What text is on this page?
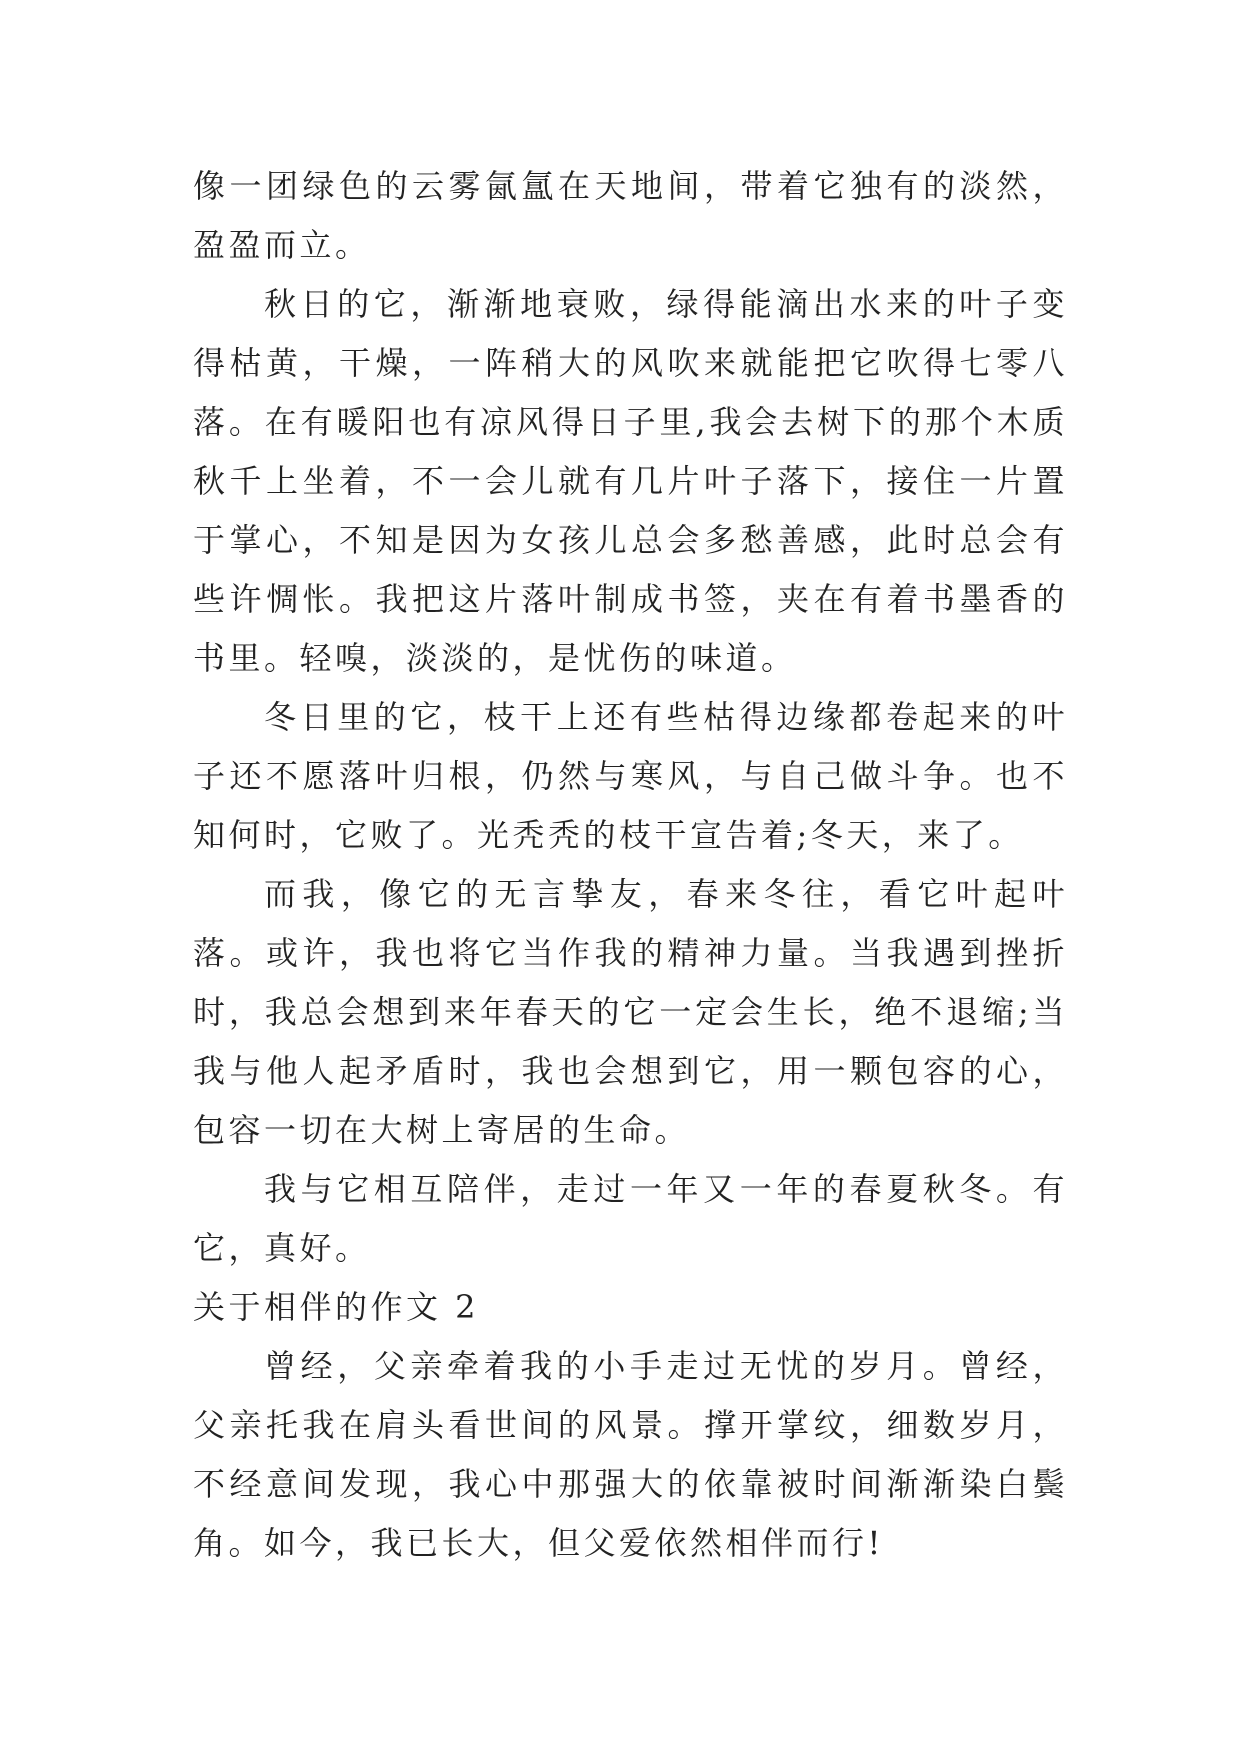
像一团绿色的云雾氤氲在天地间，带着它独有的淡然，盈盈而立。

秋日的它，渐渐地衰败，绿得能滴出水来的叶子变得枯黄，干燥，一阵稍大的风吹来就能把它吹得七零八落。在有暖阳也有凉风得日子里,我会去树下的那个木质秋千上坐着，不一会儿就有几片叶子落下，接住一片置于掌心，不知是因为女孩儿总会多愁善感，此时总会有些许惆怅。我把这片落叶制成书签，夹在有着书墨香的书里。轻嗅，淡淡的，是忧伤的味道。

冬日里的它，枝干上还有些枯得边缘都卷起来的叶子还不愿落叶归根，仍然与寒风，与自己做斗争。也不知何时，它败了。光秃秃的枝干宣告着;冬天，来了。

而我，像它的无言挚友，春来冬往，看它叶起叶落。或许，我也将它当作我的精神力量。当我遇到挫折时，我总会想到来年春天的它一定会生长，绝不退缩;当我与他人起矛盾时，我也会想到它，用一颗包容的心，包容一切在大树上寄居的生命。

我与它相互陪伴，走过一年又一年的春夏秋冬。有它，真好。

关于相伴的作文 2

曾经，父亲牵着我的小手走过无忧的岁月。曾经，父亲托我在肩头看世间的风景。撑开掌纹，细数岁月，不经意间发现，我心中那强大的依靠被时间渐渐染白鬓角。如今，我已长大，但父爱依然相伴而行!
